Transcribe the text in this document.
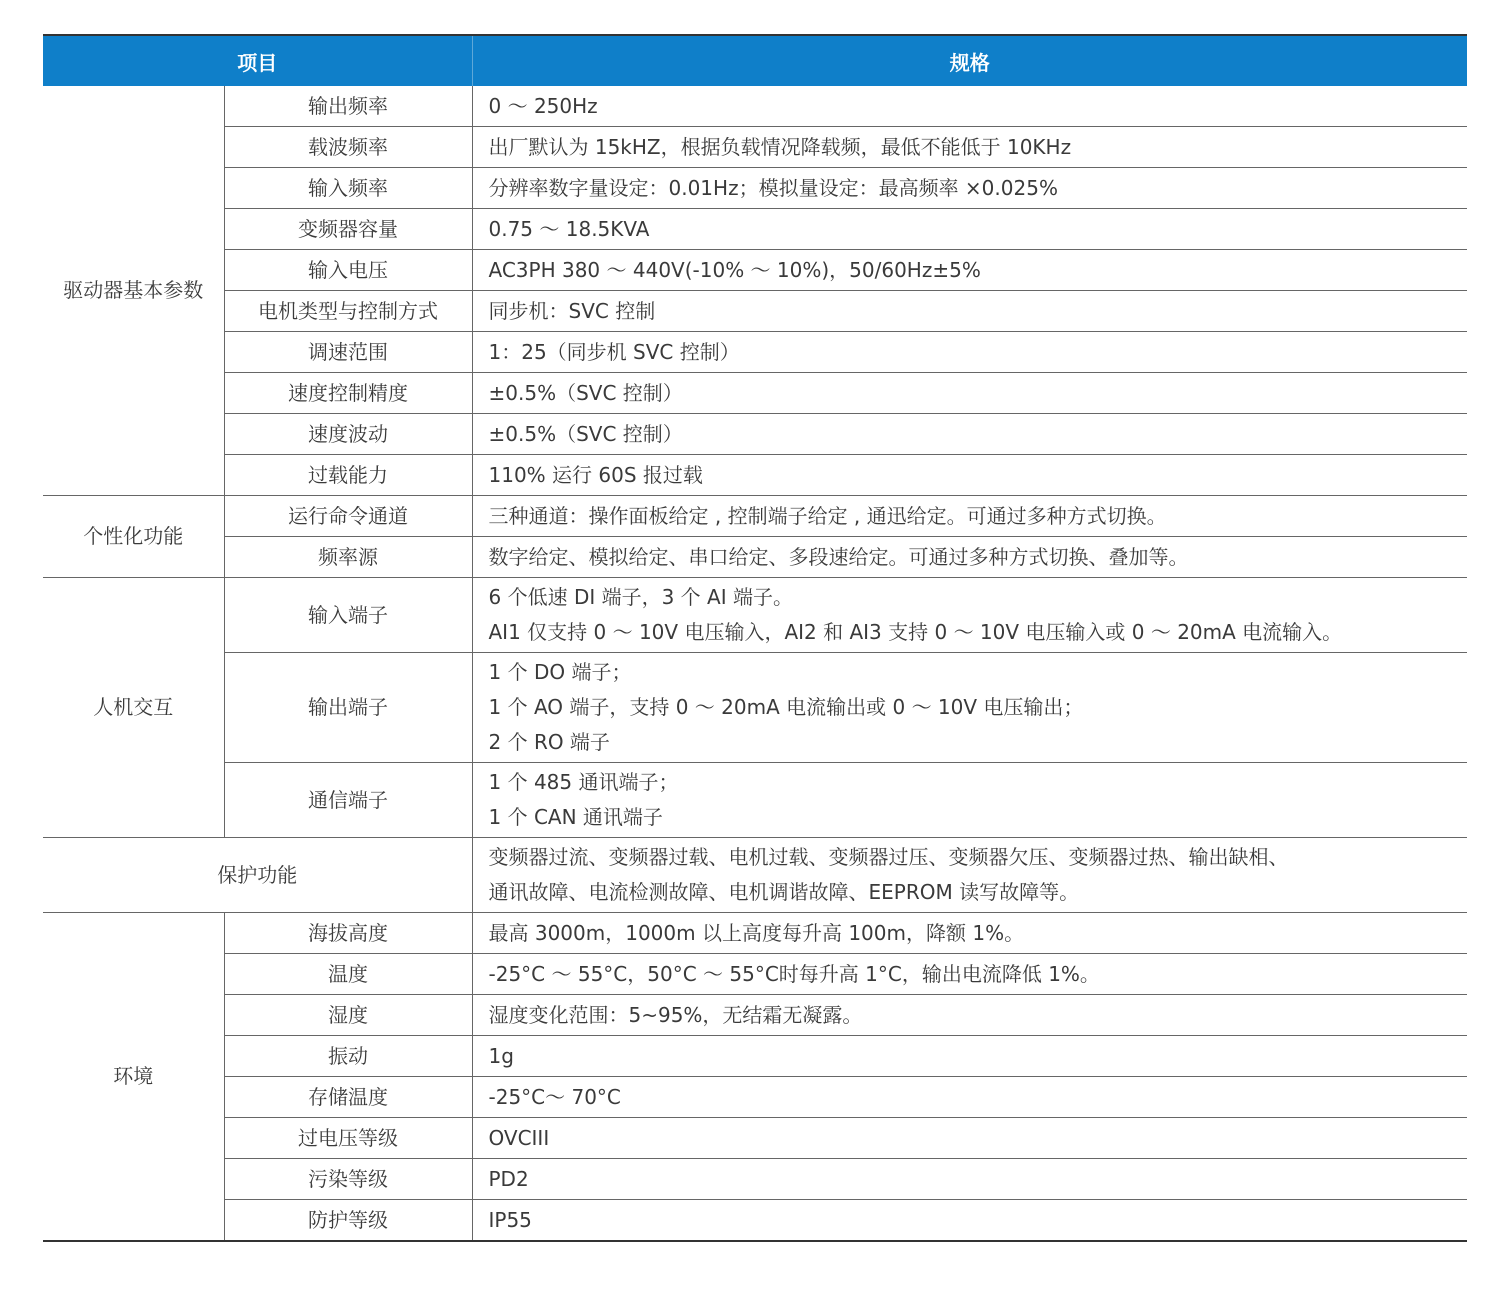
项目		规格
驱动器基本参数	输出频率	0 ～ 250Hz

	载波频率	出厂默认为 15kHZ，根据负载情况降载频，最低不能低于 10KHz

	输入频率	分辨率数字量设定：0.01Hz；模拟量设定：最高频率 ×0.025%

	变频器容量	0.75 ～ 18.5KVA

	输入电压	AC3PH 380 ～ 440V(-10% ～ 10%)，50/60Hz±5%

	电机类型与控制方式	同步机：SVC 控制

	调速范围	1：25（同步机 SVC 控制）

	速度控制精度	±0.5%（SVC 控制）

	速度波动	±0.5%（SVC 控制）

	过载能力	110% 运行 60S 报过载

个性化功能	运行命令通道	三种通道：操作面板给定 , 控制端子给定 , 通迅给定。可通过多种方式切换。

	频率源	数字给定、模拟给定、串口给定、多段速给定。可通过多种方式切换、叠加等。

人机交互	输入端子	6 个低速 DI 端子，3 个 AI 端子。
AI1 仅支持 0 ～ 10V 电压输入，AI2 和 AI3 支持 0 ～ 10V 电压输入或 0 ～ 20mA 电流输入。

	输出端子	1 个 DO 端子；
1 个 AO 端子，支持 0 ～ 20mA 电流输出或 0 ～ 10V 电压输出；
2 个 RO 端子

	通信端子	1 个 485 通讯端子；
1 个 CAN 通讯端子

保护功能		变频器过流、变频器过载、电机过载、变频器过压、变频器欠压、变频器过热、输出缺相、
通讯故障、电流检测故障、电机调谐故障、EEPROM 读写故障等。

环境	海拔高度	最高 3000m，1000m 以上高度每升高 100m，降额 1%。

	温度	-25°C ～ 55°C，50°C ～ 55°C时每升高 1°C，输出电流降低 1%。

	湿度	湿度变化范围：5~95%，无结霜无凝露。

	振动	1g

	存储温度	-25°C～ 70°C

	过电压等级	OVCIII

	污染等级	PD2

	防护等级	IP55
